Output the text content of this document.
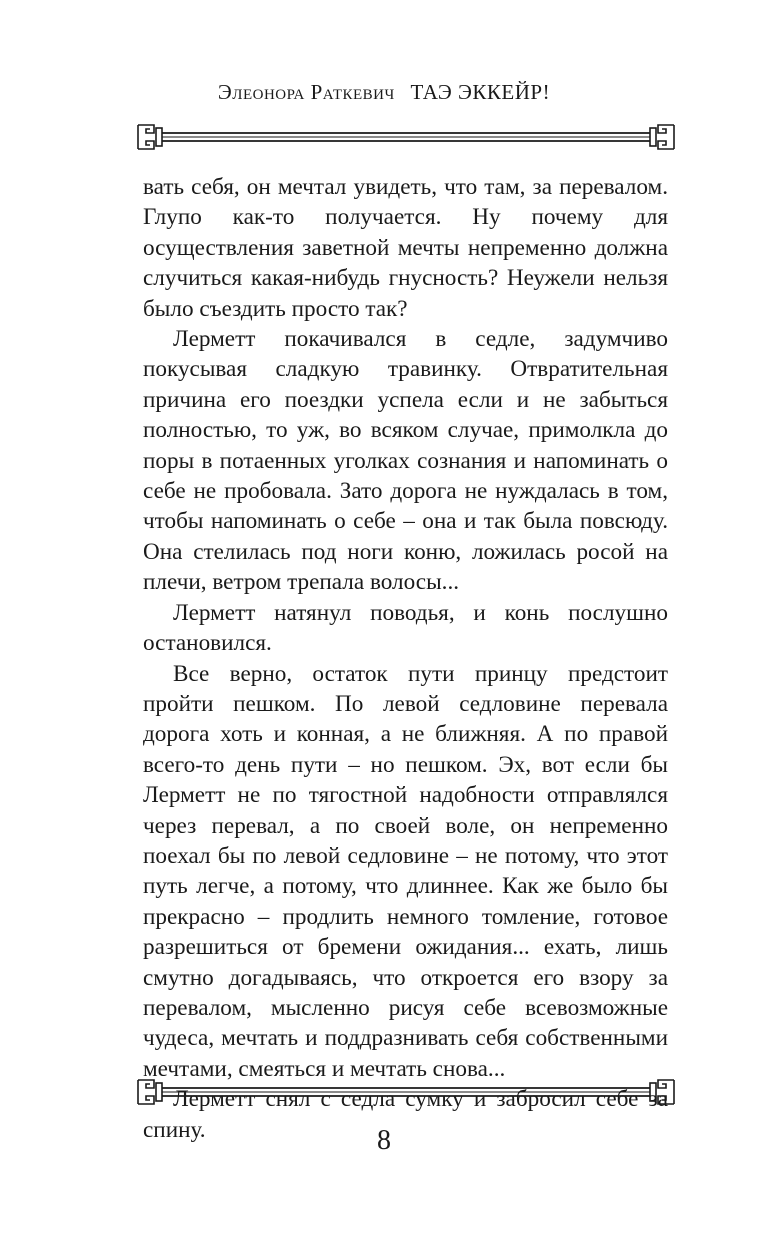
Элеонора Раткевич ТАЭ ЭККЕЙР!

вать себя, он мечтал увидеть, что там, за перевалом. Глупо как-то получается. Ну почему для осуществления заветной мечты непременно должна случиться какая-нибудь гнусность? Неужели нельзя было съездить просто так?

Лерметт покачивался в седле, задумчиво покусывая сладкую травинку. Отвратительная причина его поездки успела если и не забыться полностью, то уж, во всяком случае, примолкла до поры в потаенных уголках сознания и напоминать о себе не пробовала. Зато дорога не нуждалась в том, чтобы напоминать о себе – она и так была повсюду. Она стелилась под ноги коню, ложилась росой на плечи, ветром трепала волосы...

Лерметт натянул поводья, и конь послушно остановился.

Все верно, остаток пути принцу предстоит пройти пешком. По левой седловине перевала дорога хоть и конная, а не ближняя. А по правой всего-то день пути – но пешком. Эх, вот если бы Лерметт не по тягостной надобности отправлялся через перевал, а по своей воле, он непременно поехал бы по левой седловине – не потому, что этот путь легче, а потому, что длиннее. Как же было бы прекрасно – продлить немного томление, готовое разрешиться от бремени ожидания... ехать, лишь смутно догадываясь, что откроется его взору за перевалом, мысленно рисуя себе всевозможные чудеса, мечтать и поддразнивать себя собственными мечтами, смеяться и мечтать снова...

Лерметт снял с седла сумку и забросил себе за спину.	8
